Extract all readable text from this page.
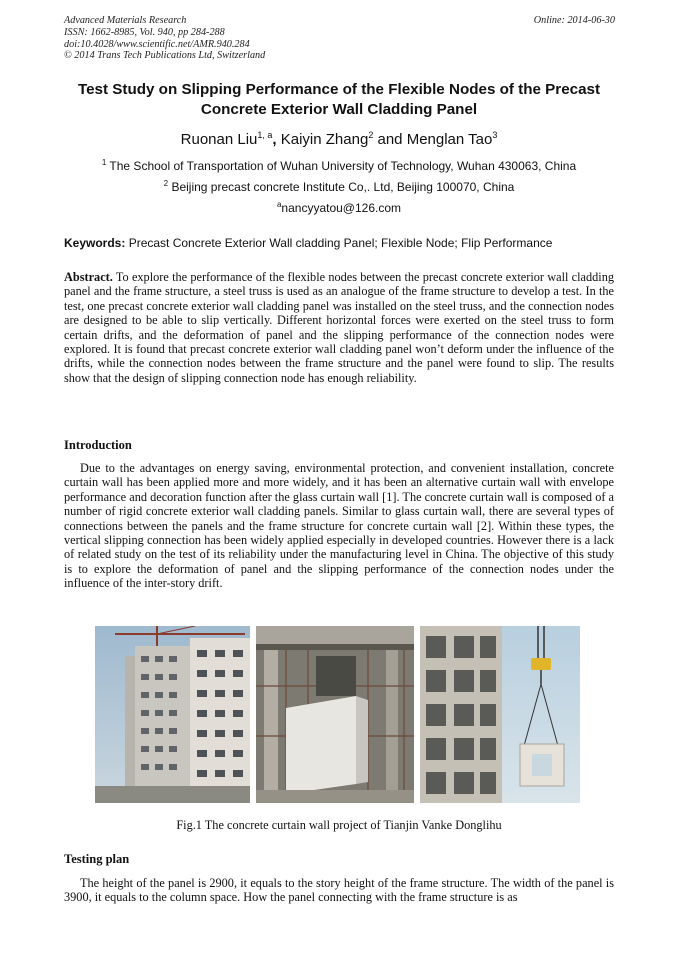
Advanced Materials Research
ISSN: 1662-8985, Vol. 940, pp 284-288
doi:10.4028/www.scientific.net/AMR.940.284
© 2014 Trans Tech Publications Ltd, Switzerland
Online: 2014-06-30
Test Study on Slipping Performance of the Flexible Nodes of the Precast Concrete Exterior Wall Cladding Panel
Ruonan Liu$^{1, a}$, Kaiyin Zhang$^2$ and Menglan Tao$^3$
$^1$ The School of Transportation of Wuhan University of Technology, Wuhan 430063, China
$^2$ Beijing precast concrete Institute Co,. Ltd, Beijing 100070, China
$^a$nancyyatou@126.com
Keywords: Precast Concrete Exterior Wall cladding Panel; Flexible Node; Flip Performance

Abstract. To explore the performance of the flexible nodes between the precast concrete exterior wall cladding panel and the frame structure, a steel truss is used as an analogue of the frame structure to develop a test. In the test, one precast concrete exterior wall cladding panel was installed on the steel truss, and the connection nodes are designed to be able to slip vertically. Different horizontal forces were exerted on the steel truss to form certain drifts, and the deformation of panel and the slipping performance of the connection nodes were explored. It is found that precast concrete exterior wall cladding panel won’t deform under the influence of the drifts, while the connection nodes between the frame structure and the panel were found to slip. The results show that the design of slipping connection node has enough reliability.

Introduction

Due to the advantages on energy saving, environmental protection, and convenient installation, concrete curtain wall has been applied more and more widely, and it has been an alternative curtain wall with envelope performance and decoration function after the glass curtain wall [1]. The concrete curtain wall is composed of a number of rigid concrete exterior wall cladding panels. Similar to glass curtain wall, there are several types of connections between the panels and the frame structure for concrete curtain wall [2]. Within these types, the vertical slipping connection has been widely applied especially in developed countries. However there is a lack of related study on the test of its reliability under the manufacturing level in China. The objective of this study is to explore the deformation of panel and the slipping performance of the connection nodes under the influence of the inter-story drift.

Fig.1 The concrete curtain wall project of Tianjin Vanke Donglihu
Testing plan

The height of the panel is 2900, it equals to the story height of the frame structure. The width of the panel is 3900, it equals to the column space. How the panel connecting with the frame structure is as
